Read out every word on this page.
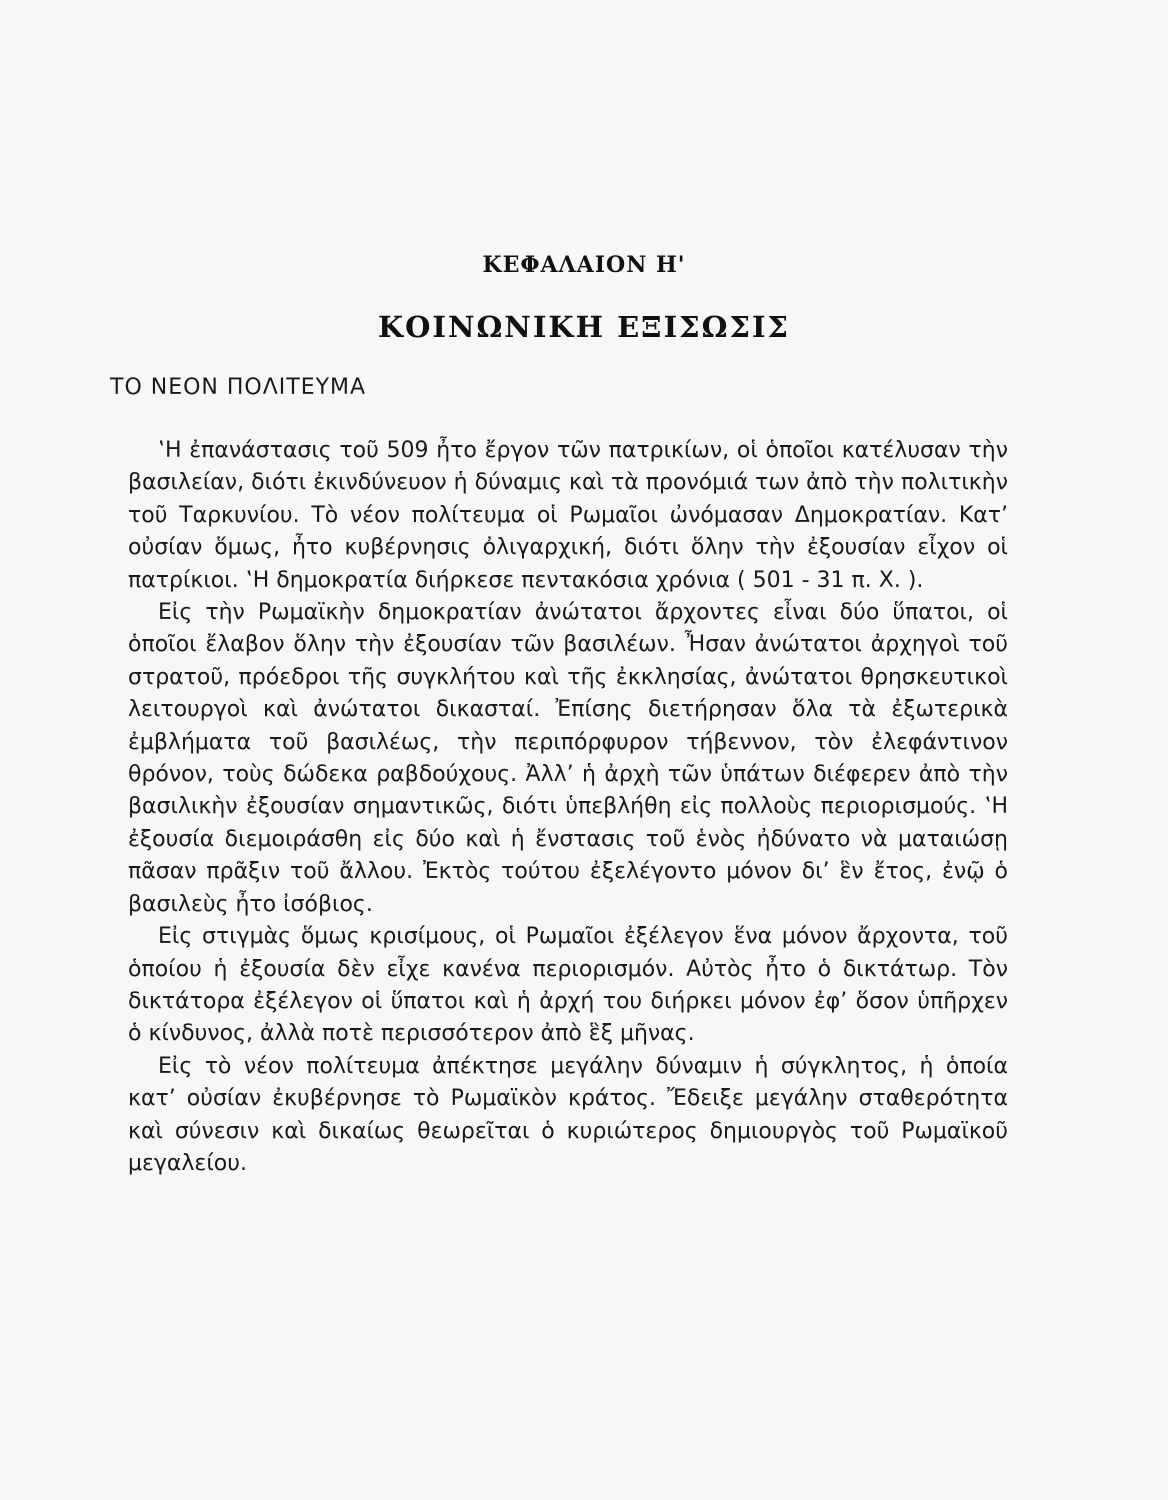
ΚΕΦΑΛΑΙΟΝ Η'
ΚΟΙΝΩΝΙΚΗ ΕΞΙΣΩΣΙΣ
ΤΟ ΝΕΟΝ ΠΟΛΙΤΕΥΜΑ

‛Η ἐπανάστασις τοῦ 509 ἦτο ἔργον τῶν πατρικίων, οἱ ὁποῖοι κατέλυσαν τὴν βασιλείαν, διότι ἐκινδύνευον ἡ δύναμις καὶ τὰ προνόμιά των ἀπὸ τὴν πολιτικὴν τοῦ Ταρκυνίου. Τὸ νέον πολίτευμα οἱ Ρωμαῖοι ὠνόμασαν Δημοκρατίαν. Κατ’ οὐσίαν ὅμως, ἦτο κυβέρνησις ὀλιγαρχική, διότι ὅλην τὴν ἐξουσίαν εἶχον οἱ πατρίκιοι. ‛Η δημοκρατία διήρκεσε πεντακόσια χρόνια ( 501 - 31 π. Χ. ).

Εἰς τὴν Ρωμαϊκὴν δημοκρατίαν ἀνώτατοι ἄρχοντες εἶναι δύο ὕπατοι, οἱ ὁποῖοι ἔλαβον ὅλην τὴν ἐξουσίαν τῶν βασιλέων. Ἦσαν ἀνώτατοι ἀρχηγοὶ τοῦ στρατοῦ, πρόεδροι τῆς συγκλήτου καὶ τῆς ἐκκλησίας, ἀνώτατοι θρησκευτικοὶ λειτουργοὶ καὶ ἀνώτατοι δικασταί. Ἐπίσης διετήρησαν ὅλα τὰ ἐξωτερικὰ ἐμβλήματα τοῦ βασιλέως, τὴν περιπόρφυρον τήβεννον, τὸν ἐλεφάντινον θρόνον, τοὺς δώδεκα ραβδούχους. Ἀλλ’ ἡ ἀρχὴ τῶν ὑπάτων διέφερεν ἀπὸ τὴν βασιλικὴν ἐξουσίαν σημαντικῶς, διότι ὑπεβλήθη εἰς πολλοὺς περιορισμούς. ‛Η ἐξουσία διεμοιράσθη εἰς δύο καὶ ἡ ἔνστασις τοῦ ἑνὸς ἠδύνατο νὰ ματαιώσῃ πᾶσαν πρᾶξιν τοῦ ἄλλου. Ἐκτὸς τούτου ἐξελέγοντο μόνον δι’ ἓν ἔτος, ἐνῷ ὁ βασιλεὺς ἦτο ἰσόβιος.

Εἰς στιγμὰς ὅμως κρισίμους, οἱ Ρωμαῖοι ἐξέλεγον ἕνα μόνον ἄρχοντα, τοῦ ὁποίου ἡ ἐξουσία δὲν εἶχε κανένα περιορισμόν. Αὐτὸς ἦτο ὁ δικτάτωρ. Τὸν δικτάτορα ἐξέλεγον οἱ ὕπατοι καὶ ἡ ἀρχή του διήρκει μόνον ἐφ’ ὅσον ὑπῆρχεν ὁ κίνδυνος, ἀλλὰ ποτὲ περισσότερον ἀπὸ ἓξ μῆνας.

Εἰς τὸ νέον πολίτευμα ἀπέκτησε μεγάλην δύναμιν ἡ σύγκλητος, ἡ ὁποία κατ’ οὐσίαν ἐκυβέρνησε τὸ Ρωμαϊκὸν κράτος. Ἔδειξε μεγάλην σταθερότητα καὶ σύνεσιν καὶ δικαίως θεωρεῖται ὁ κυριώτερος δημιουργὸς τοῦ Ρωμαϊκοῦ μεγαλείου.
